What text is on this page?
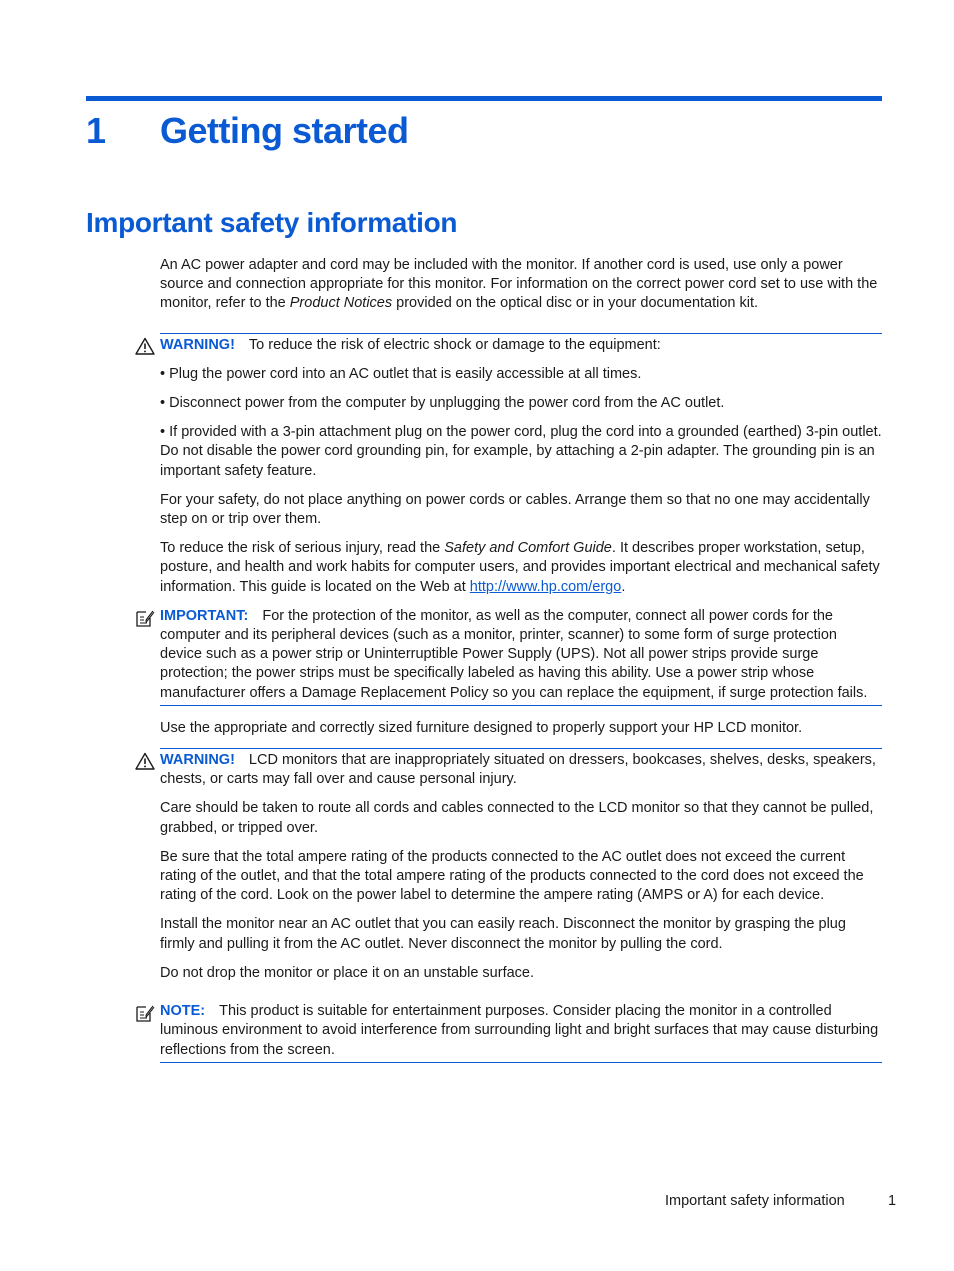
1	Getting started
Important safety information

An AC power adapter and cord may be included with the monitor. If another cord is used, use only a power source and connection appropriate for this monitor. For information on the correct power cord set to use with the monitor, refer to the Product Notices provided on the optical disc or in your documentation kit.

WARNING! To reduce the risk of electric shock or damage to the equipment:

• Plug the power cord into an AC outlet that is easily accessible at all times.

• Disconnect power from the computer by unplugging the power cord from the AC outlet.

• If provided with a 3-pin attachment plug on the power cord, plug the cord into a grounded (earthed) 3-pin outlet. Do not disable the power cord grounding pin, for example, by attaching a 2-pin adapter. The grounding pin is an important safety feature.

For your safety, do not place anything on power cords or cables. Arrange them so that no one may accidentally step on or trip over them.

To reduce the risk of serious injury, read the Safety and Comfort Guide. It describes proper workstation, setup, posture, and health and work habits for computer users, and provides important electrical and mechanical safety information. This guide is located on the Web at http://www.hp.com/ergo.

IMPORTANT: For the protection of the monitor, as well as the computer, connect all power cords for the computer and its peripheral devices (such as a monitor, printer, scanner) to some form of surge protection device such as a power strip or Uninterruptible Power Supply (UPS). Not all power strips provide surge protection; the power strips must be specifically labeled as having this ability. Use a power strip whose manufacturer offers a Damage Replacement Policy so you can replace the equipment, if surge protection fails.

Use the appropriate and correctly sized furniture designed to properly support your HP LCD monitor.

WARNING! LCD monitors that are inappropriately situated on dressers, bookcases, shelves, desks, speakers, chests, or carts may fall over and cause personal injury.

Care should be taken to route all cords and cables connected to the LCD monitor so that they cannot be pulled, grabbed, or tripped over.

Be sure that the total ampere rating of the products connected to the AC outlet does not exceed the current rating of the outlet, and that the total ampere rating of the products connected to the cord does not exceed the rating of the cord. Look on the power label to determine the ampere rating (AMPS or A) for each device.

Install the monitor near an AC outlet that you can easily reach. Disconnect the monitor by grasping the plug firmly and pulling it from the AC outlet. Never disconnect the monitor by pulling the cord.

Do not drop the monitor or place it on an unstable surface.

NOTE: This product is suitable for entertainment purposes. Consider placing the monitor in a controlled luminous environment to avoid interference from surrounding light and bright surfaces that may cause disturbing reflections from the screen.

Important safety information	1
